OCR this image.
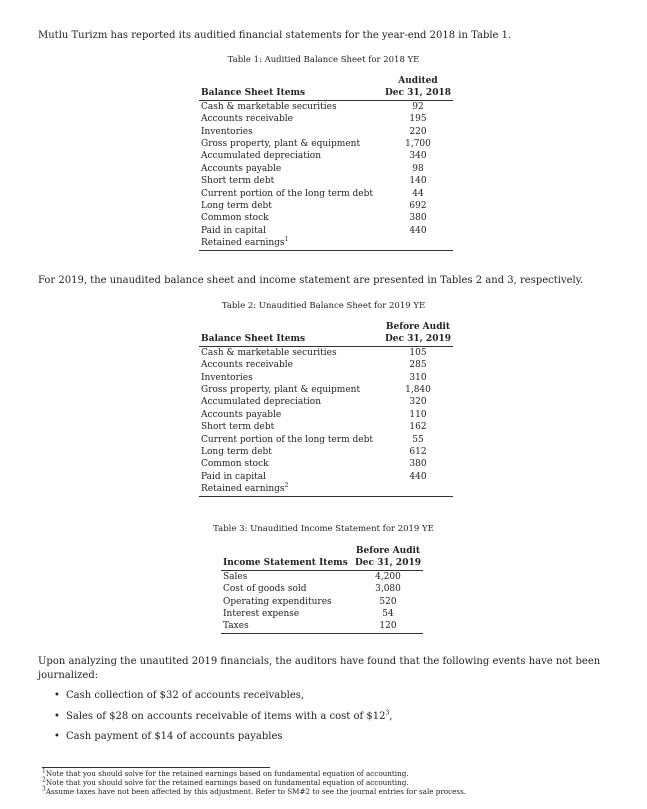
Mutlu Turizm has reported its auditied financial statements for the year-end 2018 in Table 1.
Table 1: Auditied Balance Sheet for 2018 YE
	Audited
Balance Sheet Items	Dec 31, 2018
Cash & marketable securities	92
Accounts receivable	195
Inventories	220
Gross property, plant & equipment	1,700
Accumulated depreciation	340
Accounts payable	98
Short term debt	140
Current portion of the long term debt	44
Long term debt	692
Common stock	380
Paid in capital	440
Retained earnings$^1$	
For 2019, the unaudited balance sheet and income statement are presented in Tables 2 and 3, respectively.
Table 2: Unauditied Balance Sheet for 2019 YE
	Before Audit
Balance Sheet Items	Dec 31, 2019
Cash & marketable securities	105
Accounts receivable	285
Inventories	310
Gross property, plant & equipment	1,840
Accumulated depreciation	320
Accounts payable	110
Short term debt	162
Current portion of the long term debt	55
Long term debt	612
Common stock	380
Paid in capital	440
Retained earnings$^2$	
Table 3: Unauditied Income Statement for 2019 YE
	Before Audit
Income Statement Items	Dec 31, 2019
Sales	4,200
Cost of goods sold	3,080
Operating expenditures	520
Interest expense	54
Taxes	120
Upon analyzing the unautited 2019 financials, the auditors have found that the following events have not been journalized:
• Cash collection of $32 of accounts receivables,
• Sales of $28 on accounts receivable of items with a cost of $\$12^3$,
• Cash payment of $14 of accounts payables
$^1$Note that you should solve for the retained earnings based on fundamental equation of accounting.
$^2$Note that you should solve for the retained earnings based on fundamental equation of accounting.
$^3$Assume taxes have not been affected by this adjustment. Refer to SM#2 to see the journal entries for sale process.
